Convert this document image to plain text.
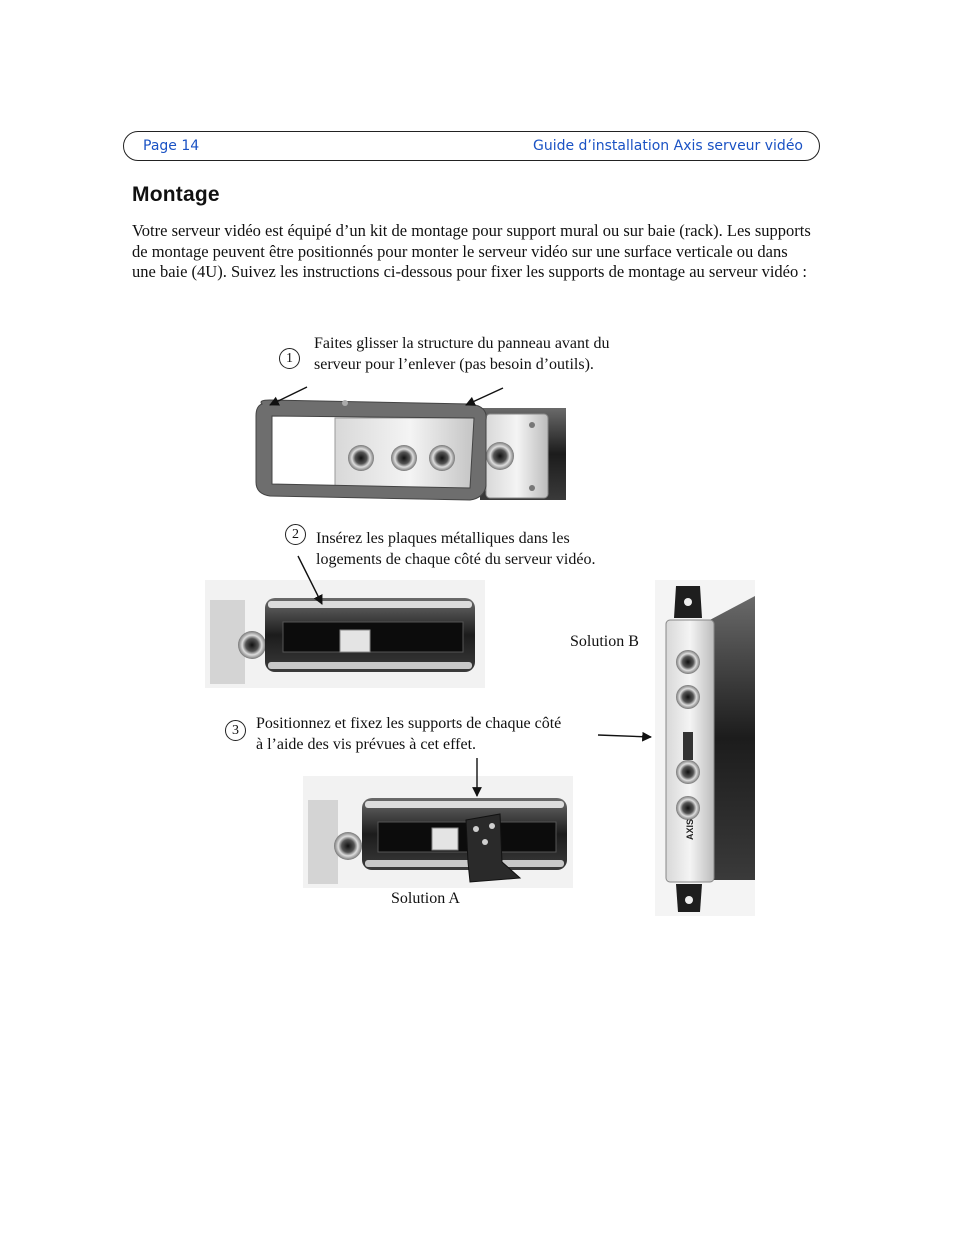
Page 14	Guide d’installation Axis serveur vidéo
Montage
Votre serveur vidéo est équipé d’un kit de montage pour support mural ou sur baie (rack). Les supports de montage peuvent être positionnés pour monter le serveur vidéo sur une surface verticale ou dans une baie (4U). Suivez les instructions ci-dessous pour fixer les supports de montage au serveur vidéo :
AXIS
1
Faites glisser la structure du panneau avant du
serveur pour l’enlever (pas besoin d’outils).
2	Insérez les plaques métalliques dans les
logements de chaque côté du serveur vidéo.
3	Positionnez et fixez les supports de chaque côté
à l’aide des vis prévues à cet effet.
Solution B
Solution A
